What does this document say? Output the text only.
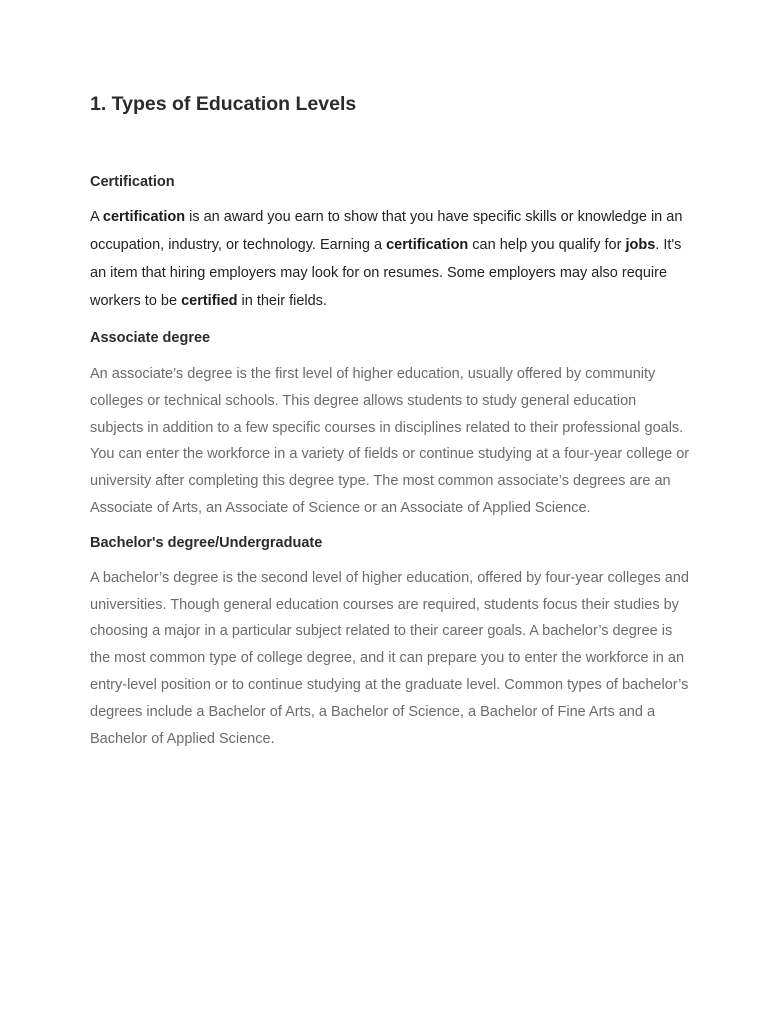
1. Types of Education Levels
Certification

A certification is an award you earn to show that you have specific skills or knowledge in an occupation, industry, or technology. Earning a certification can help you qualify for jobs. It's an item that hiring employers may look for on resumes. Some employers may also require workers to be certified in their fields.

Associate degree

An associate’s degree is the first level of higher education, usually offered by community colleges or technical schools. This degree allows students to study general education subjects in addition to a few specific courses in disciplines related to their professional goals. You can enter the workforce in a variety of fields or continue studying at a four-year college or university after completing this degree type. The most common associate’s degrees are an Associate of Arts, an Associate of Science or an Associate of Applied Science.

Bachelor's degree/Undergraduate

A bachelor’s degree is the second level of higher education, offered by four-year colleges and universities. Though general education courses are required, students focus their studies by choosing a major in a particular subject related to their career goals. A bachelor’s degree is the most common type of college degree, and it can prepare you to enter the workforce in an entry-level position or to continue studying at the graduate level. Common types of bachelor’s degrees include a Bachelor of Arts, a Bachelor of Science, a Bachelor of Fine Arts and a Bachelor of Applied Science.
